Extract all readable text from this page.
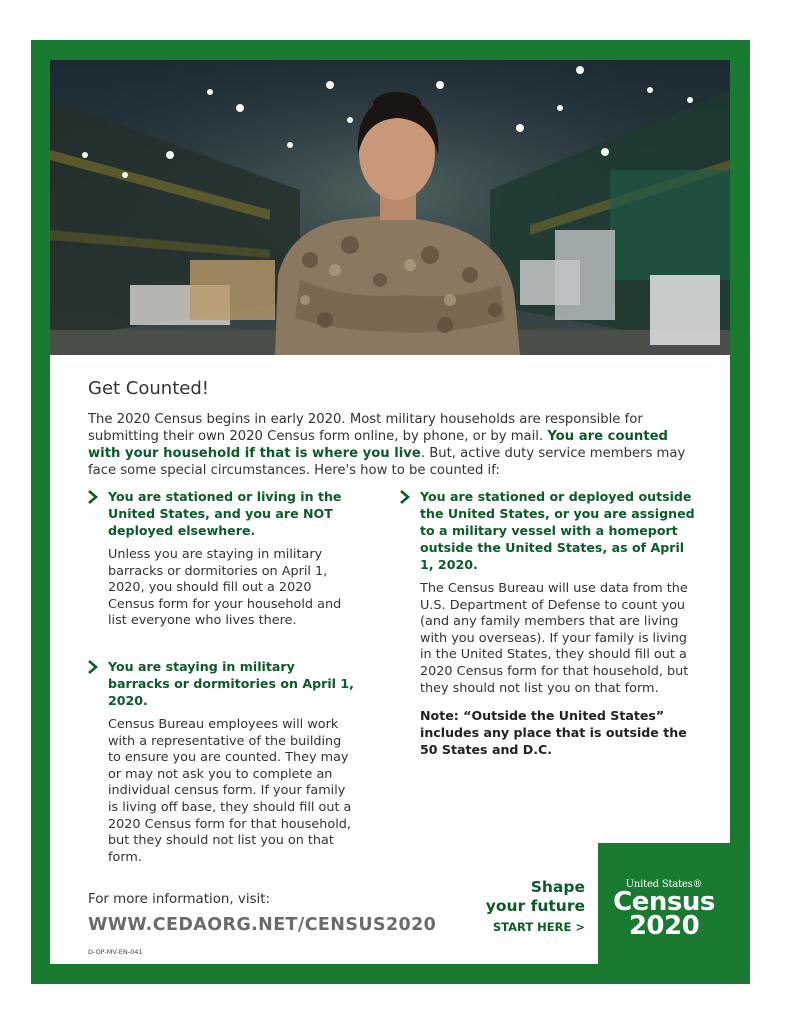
Get Counted!

The 2020 Census begins in early 2020. Most military households are responsible for submitting their own 2020 Census form online, by phone, or by mail. You are counted with your household if that is where you live. But, active duty service members may face some special circumstances. Here's how to be counted if:

You are stationed or living in the United States, and you are NOT deployed elsewhere.

Unless you are staying in military barracks or dormitories on April 1, 2020, you should fill out a 2020 Census form for your household and list everyone who lives there.

You are staying in military barracks or dormitories on April 1, 2020.

Census Bureau employees will work with a representative of the building to ensure you are counted. They may or may not ask you to complete an individual census form. If your family is living off base, they should fill out a 2020 Census form for that household, but they should not list you on that form.

You are stationed or deployed outside the United States, or you are assigned to a military vessel with a homeport outside the United States, as of April 1, 2020.

The Census Bureau will use data from the U.S. Department of Defense to count you (and any family members that are living with you overseas). If your family is living in the United States, they should fill out a 2020 Census form for that household, but they should not list you on that form.

Note: “Outside the United States” includes any place that is outside the 50 States and D.C.

For more information, visit:
WWW.CEDAORG.NET/CENSUS2020
D-OP-MV-EN-041
Shape
your future
START HERE >
United States®
Census
2020
